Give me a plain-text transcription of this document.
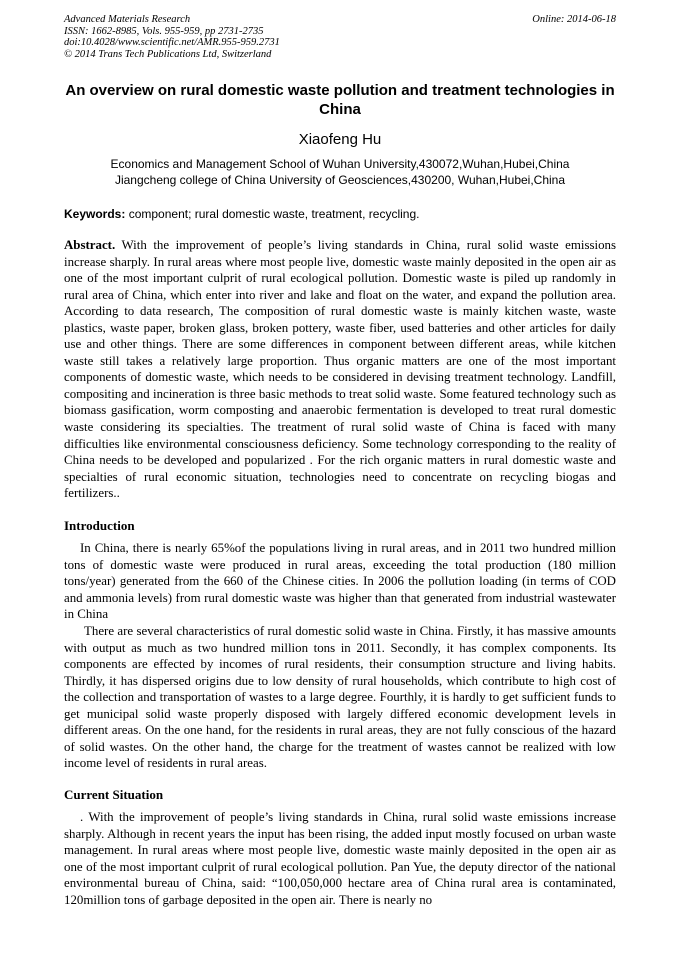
Advanced Materials Research
ISSN: 1662-8985, Vols. 955-959, pp 2731-2735
doi:10.4028/www.scientific.net/AMR.955-959.2731
© 2014 Trans Tech Publications Ltd, Switzerland
Online: 2014-06-18
An overview on rural domestic waste pollution and treatment technologies in China
Xiaofeng Hu
Economics and Management School of Wuhan University,430072,Wuhan,Hubei,China
Jiangcheng college of China University of Geosciences,430200, Wuhan,Hubei,China
Keywords: component; rural domestic waste, treatment, recycling.
Abstract. With the improvement of people’s living standards in China, rural solid waste emissions increase sharply. In rural areas where most people live, domestic waste mainly deposited in the open air as one of the most important culprit of rural ecological pollution. Domestic waste is piled up randomly in rural area of China, which enter into river and lake and float on the water, and expand the pollution area. According to data research, The composition of rural domestic waste is mainly kitchen waste, waste plastics, waste paper, broken glass, broken pottery, waste fiber, used batteries and other articles for daily use and other things. There are some differences in component between different areas, while kitchen waste still takes a relatively large proportion. Thus organic matters are one of the most important components of domestic waste, which needs to be considered in devising treatment technology. Landfill, compositing and incineration is three basic methods to treat solid waste. Some featured technology such as biomass gasification, worm composting and anaerobic fermentation is developed to treat rural domestic waste considering its specialties. The treatment of rural solid waste of China is faced with many difficulties like environmental consciousness deficiency. Some technology corresponding to the reality of China needs to be developed and popularized . For the rich organic matters in rural domestic waste and specialties of rural economic situation, technologies need to concentrate on recycling biogas and fertilizers..
Introduction
In China, there is nearly 65%of the populations living in rural areas, and in 2011 two hundred million tons of domestic waste were produced in rural areas, exceeding the total production (180 million tons/year) generated from the 660 of the Chinese cities. In 2006 the pollution loading (in terms of COD and ammonia levels) from rural domestic waste was higher than that generated from industrial wastewater in China
There are several characteristics of rural domestic solid waste in China. Firstly, it has massive amounts with output as much as two hundred million tons in 2011. Secondly, it has complex components. Its components are effected by incomes of rural residents, their consumption structure and living habits. Thirdly, it has dispersed origins due to low density of rural households, which contribute to high cost of the collection and transportation of wastes to a large degree. Fourthly, it is hardly to get sufficient funds to get municipal solid waste properly disposed with largely differed economic development levels in different areas. On the one hand, for the residents in rural areas, they are not fully conscious of the hazard of solid wastes. On the other hand, the charge for the treatment of wastes cannot be realized with low income level of residents in rural areas.
Current Situation
. With the improvement of people’s living standards in China, rural solid waste emissions increase sharply. Although in recent years the input has been rising, the added input mostly focused on urban waste management. In rural areas where most people live, domestic waste mainly deposited in the open air as one of the most important culprit of rural ecological pollution. Pan Yue, the deputy director of the national environmental bureau of China, said: “100,050,000 hectare area of China rural area is contaminated, 120million tons of garbage deposited in the open air. There is nearly no
